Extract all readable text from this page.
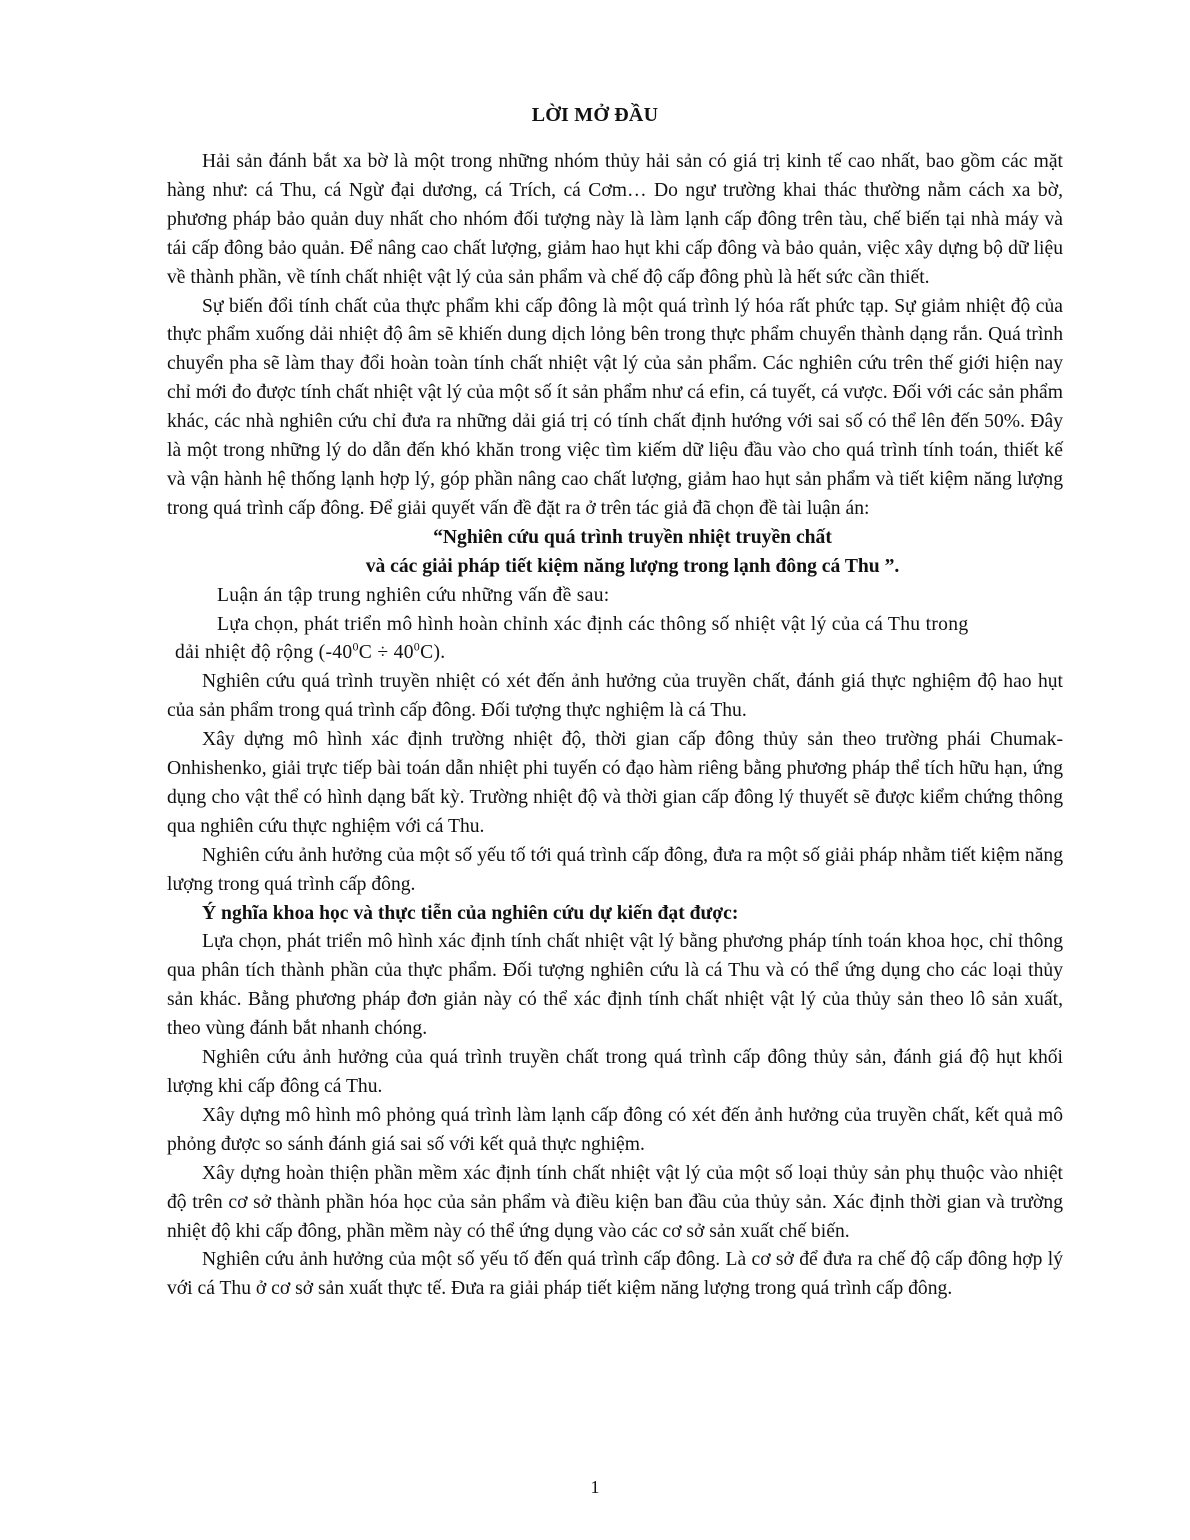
LỜI MỞ ĐẦU

Hải sản đánh bắt xa bờ là một trong những nhóm thủy hải sản có giá trị kinh tế cao nhất, bao gồm các mặt hàng như: cá Thu, cá Ngừ đại dương, cá Trích, cá Cơm… Do ngư trường khai thác thường nằm cách xa bờ, phương pháp bảo quản duy nhất cho nhóm đối tượng này là làm lạnh cấp đông trên tàu, chế biến tại nhà máy và tái cấp đông bảo quản. Để nâng cao chất lượng, giảm hao hụt khi cấp đông và bảo quản, việc xây dựng bộ dữ liệu về thành phần, về tính chất nhiệt vật lý của sản phẩm và chế độ cấp đông phù là hết sức cần thiết.

Sự biến đổi tính chất của thực phẩm khi cấp đông là một quá trình lý hóa rất phức tạp. Sự giảm nhiệt độ của thực phẩm xuống dải nhiệt độ âm sẽ khiến dung dịch lỏng bên trong thực phẩm chuyển thành dạng rắn. Quá trình chuyển pha sẽ làm thay đổi hoàn toàn tính chất nhiệt vật lý của sản phẩm. Các nghiên cứu trên thế giới hiện nay chỉ mới đo được tính chất nhiệt vật lý của một số ít sản phẩm như cá efin, cá tuyết, cá vược. Đối với các sản phẩm khác, các nhà nghiên cứu chỉ đưa ra những dải giá trị có tính chất định hướng với sai số có thể lên đến 50%. Đây là một trong những lý do dẫn đến khó khăn trong việc tìm kiếm dữ liệu đầu vào cho quá trình tính toán, thiết kế và vận hành hệ thống lạnh hợp lý, góp phần nâng cao chất lượng, giảm hao hụt sản phẩm và tiết kiệm năng lượng trong quá trình cấp đông. Để giải quyết vấn đề đặt ra ở trên tác giả đã chọn đề tài luận án:

“Nghiên cứu quá trình truyền nhiệt truyền chất
và các giải pháp tiết kiệm năng lượng trong lạnh đông cá Thu ”.

Luận án tập trung nghiên cứu những vấn đề sau:

Lựa chọn, phát triển mô hình hoàn chỉnh xác định các thông số nhiệt vật lý của cá Thu trong

dải nhiệt độ rộng $(-40^0C \div 40^0C)$.

Nghiên cứu quá trình truyền nhiệt có xét đến ảnh hưởng của truyền chất, đánh giá thực nghiệm độ hao hụt của sản phẩm trong quá trình cấp đông. Đối tượng thực nghiệm là cá Thu.

Xây dựng mô hình xác định trường nhiệt độ, thời gian cấp đông thủy sản theo trường phái Chumak-Onhishenko, giải trực tiếp bài toán dẫn nhiệt phi tuyến có đạo hàm riêng bằng phương pháp thể tích hữu hạn, ứng dụng cho vật thể có hình dạng bất kỳ. Trường nhiệt độ và thời gian cấp đông lý thuyết sẽ được kiểm chứng thông qua nghiên cứu thực nghiệm với cá Thu.

Nghiên cứu ảnh hưởng của một số yếu tố tới quá trình cấp đông, đưa ra một số giải pháp nhằm tiết kiệm năng lượng trong quá trình cấp đông.

Ý nghĩa khoa học và thực tiễn của nghiên cứu dự kiến đạt được:

Lựa chọn, phát triển mô hình xác định tính chất nhiệt vật lý bằng phương pháp tính toán khoa học, chỉ thông qua phân tích thành phần của thực phẩm. Đối tượng nghiên cứu là cá Thu và có thể ứng dụng cho các loại thủy sản khác. Bằng phương pháp đơn giản này có thể xác định tính chất nhiệt vật lý của thủy sản theo lô sản xuất, theo vùng đánh bắt nhanh chóng.

Nghiên cứu ảnh hưởng của quá trình truyền chất trong quá trình cấp đông thủy sản, đánh giá độ hụt khối lượng khi cấp đông cá Thu.

Xây dựng mô hình mô phỏng quá trình làm lạnh cấp đông có xét đến ảnh hưởng của truyền chất, kết quả mô phỏng được so sánh đánh giá sai số với kết quả thực nghiệm.

Xây dựng hoàn thiện phần mềm xác định tính chất nhiệt vật lý của một số loại thủy sản phụ thuộc vào nhiệt độ trên cơ sở thành phần hóa học của sản phẩm và điều kiện ban đầu của thủy sản. Xác định thời gian và trường nhiệt độ khi cấp đông, phần mềm này có thể ứng dụng vào các cơ sở sản xuất chế biến.

Nghiên cứu ảnh hưởng của một số yếu tố đến quá trình cấp đông. Là cơ sở để đưa ra chế độ cấp đông hợp lý với cá Thu ở cơ sở sản xuất thực tế. Đưa ra giải pháp tiết kiệm năng lượng trong quá trình cấp đông.

1
